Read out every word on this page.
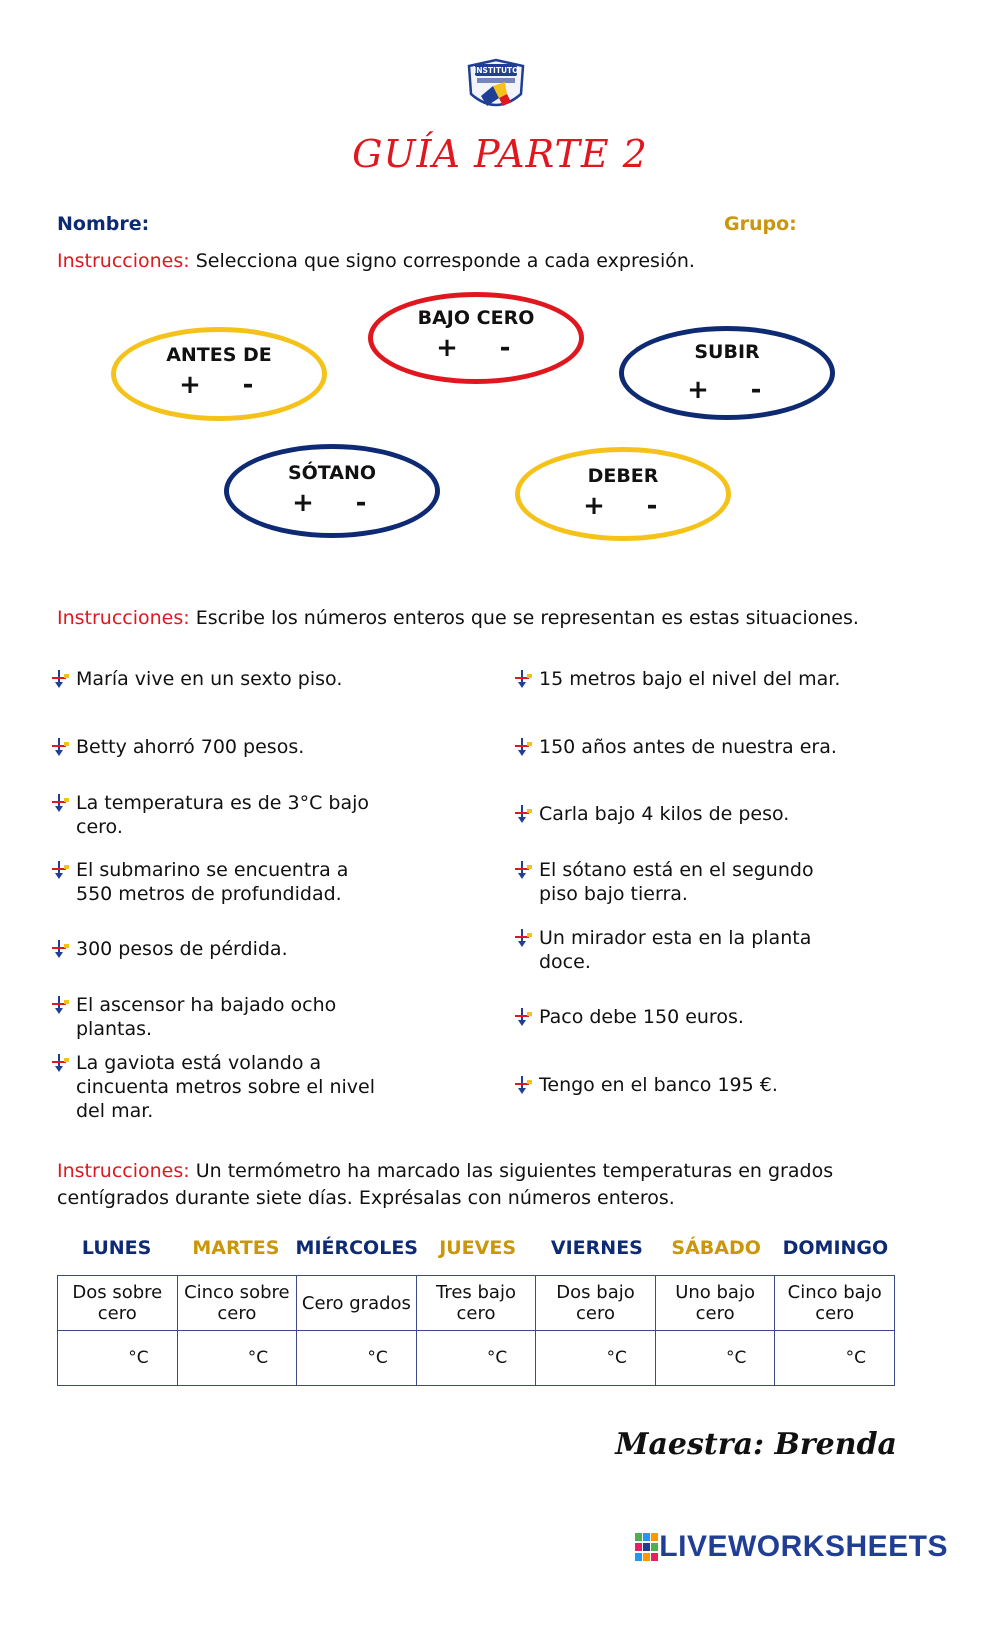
INSTITUTO
GUÍA PARTE 2
Nombre:	Grupo:
Instrucciones: Selecciona que signo corresponde a cada expresión.
BAJO CERO
+ -
ANTES DE
+ -
SUBIR
+ -
SÓTANO
+ -
DEBER
+ -
Instrucciones: Escribe los números enteros que se representan es estas situaciones.
María vive en un sexto piso.
Betty ahorró 700 pesos.
La temperatura es de 3°C bajo cero.
El submarino se encuentra a 550 metros de profundidad.
300 pesos de pérdida.
El ascensor ha bajado ocho plantas.
La gaviota está volando a cincuenta metros sobre el nivel del mar.
15 metros bajo el nivel del mar.
150 años antes de nuestra era.
Carla bajo 4 kilos de peso.
El sótano está en el segundo piso bajo tierra.
Un mirador esta en la planta doce.
Paco debe 150 euros.
Tengo en el banco 195 €.
Instrucciones: Un termómetro ha marcado las siguientes temperaturas en grados centígrados durante siete días. Exprésalas con números enteros.
LUNES	MARTES MIÉRCOLES	JUEVES	VIERNES	SÁBADO	DOMINGO
Dos sobre cero	Cinco sobre cero	Cero grados	Tres bajo cero	Dos bajo cero	Uno bajo cero	Cinco bajo cero
°C	°C	°C	°C	°C	°C	°C
Maestra: Brenda
LIVEWORKSHEETS
